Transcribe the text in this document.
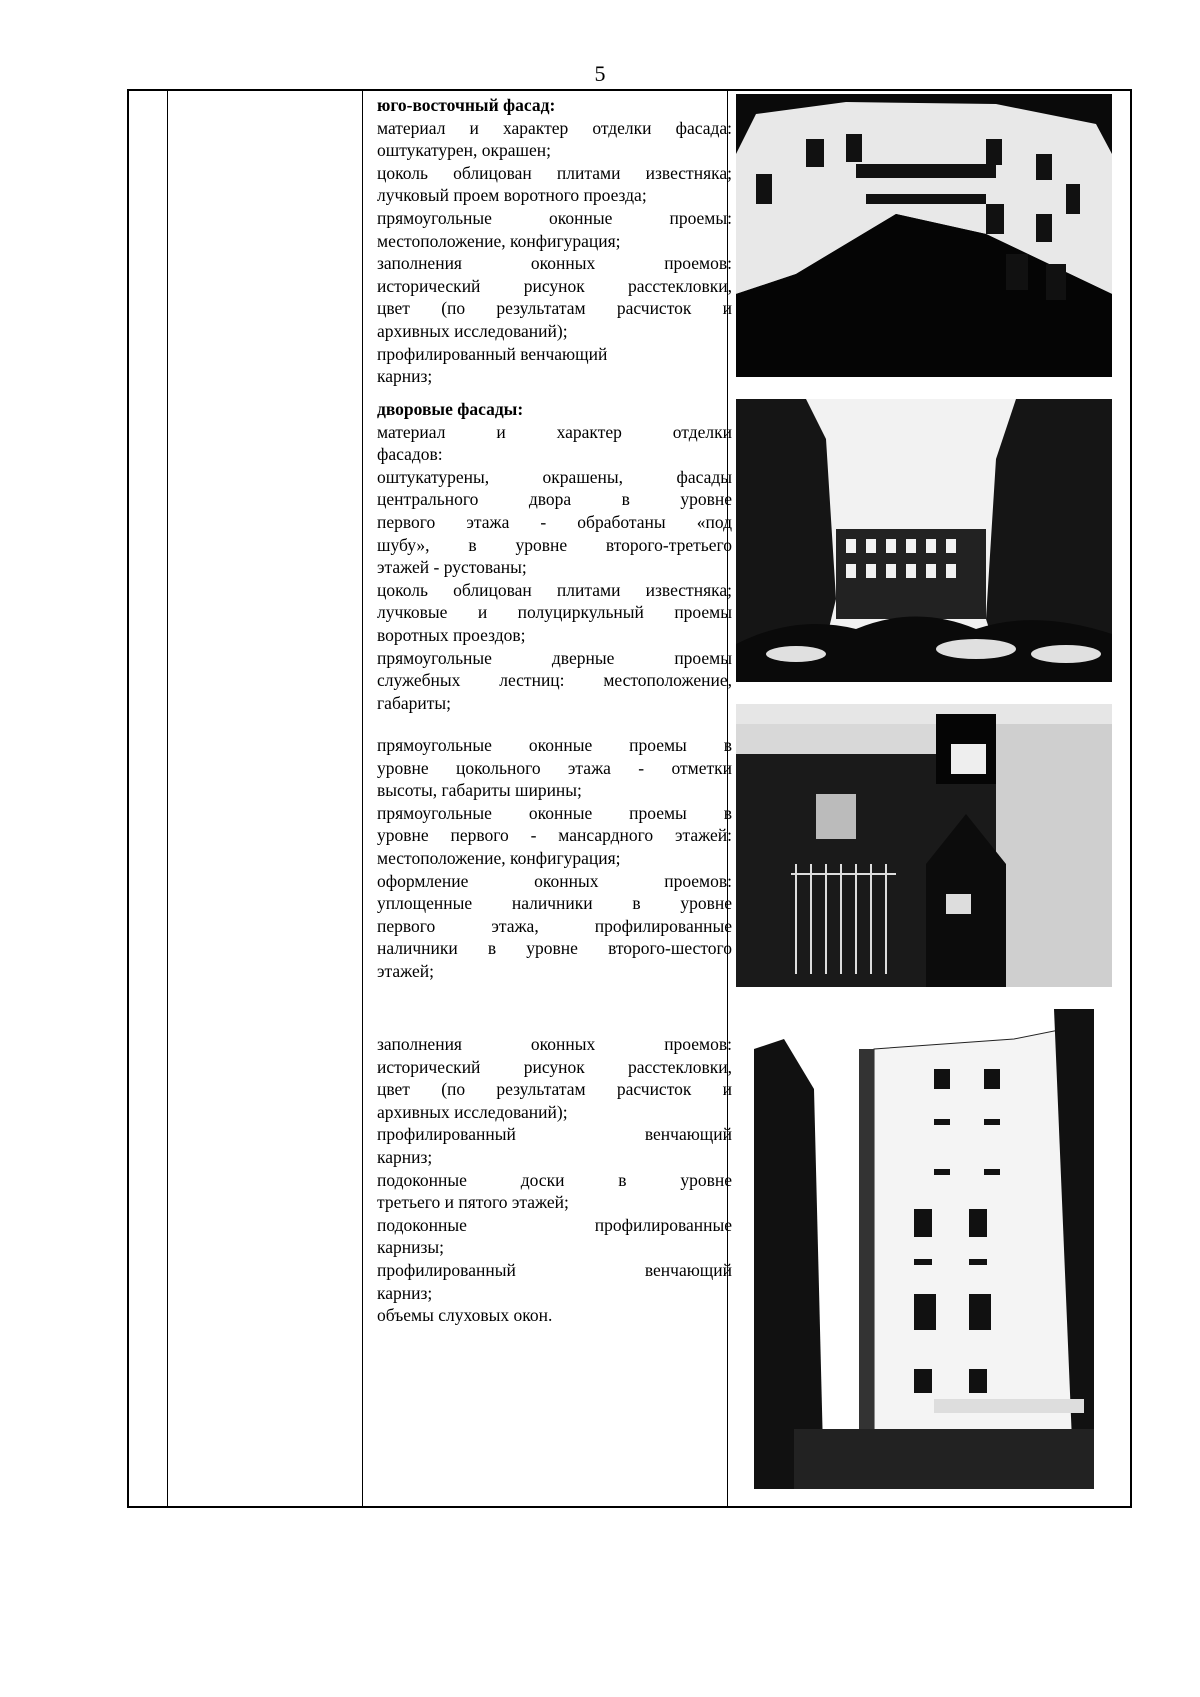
5

юго-восточный фасад:

материал и характер отделки фасада:

оштукатурен, окрашен;

цоколь облицован плитами известняка;

лучковый проем воротного проезда;

прямоугольные оконные проемы:

местоположение, конфигурация;

заполнения оконных проемов:

исторический рисунок расстекловки,

цвет (по результатам расчисток и

архивных исследований);

профилированный венчающий

карниз;

дворовые фасады:

материал и характер отделки

фасадов:

оштукатурены, окрашены, фасады

центрального двора в уровне

первого этажа - обработаны «под

шубу», в уровне второго-третьего

этажей - рустованы;

цоколь облицован плитами известняка;

лучковые и полуциркульный проемы

воротных проездов;

прямоугольные дверные проемы

служебных лестниц: местоположение,

габариты;

прямоугольные оконные проемы в

уровне цокольного этажа - отметки

высоты, габариты ширины;

прямоугольные оконные проемы в

уровне первого - мансардного этажей:

местоположение, конфигурация;

оформление оконных проемов:

уплощенные наличники в уровне

первого этажа, профилированные

наличники в уровне второго-шестого

этажей;

заполнения оконных проемов:

исторический рисунок расстекловки,

цвет (по результатам расчисток и

архивных исследований);

профилированный венчающий

карниз;

подоконные доски в уровне

третьего и пятого этажей;

подоконные профилированные

карнизы;

профилированный венчающий

карниз;

объемы слуховых окон.
